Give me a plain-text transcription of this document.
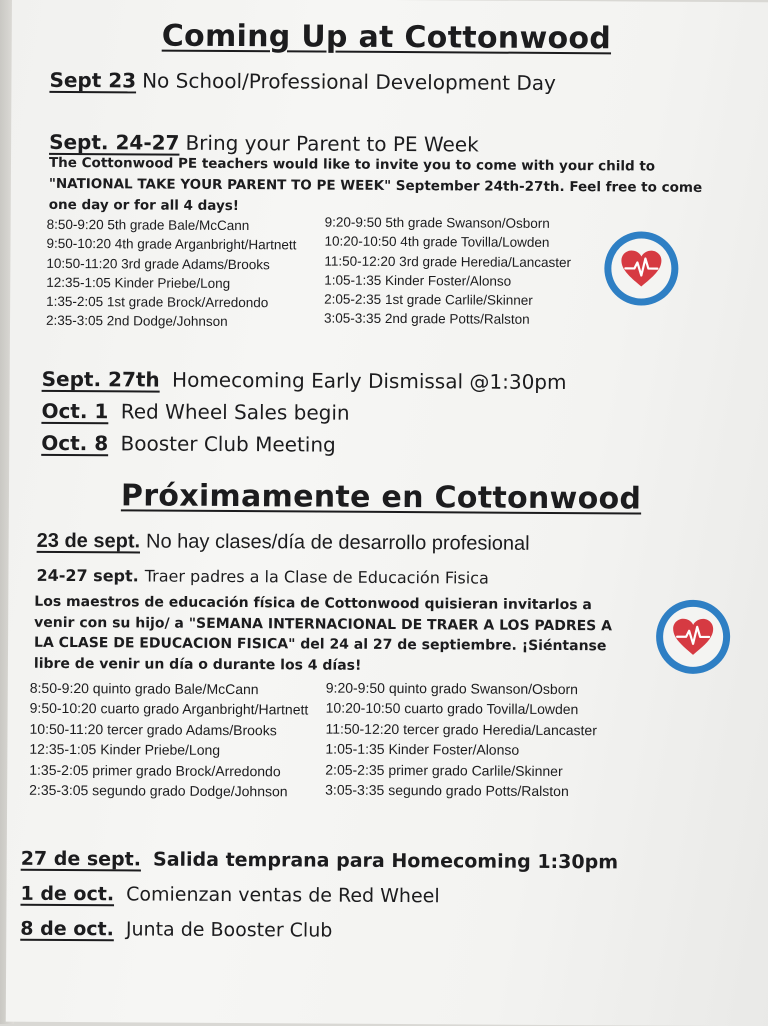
Coming Up at Cottonwood
Sept 23 No School/Professional Development Day
Sept. 24-27 Bring your Parent to PE Week
The Cottonwood PE teachers would like to invite you to come with your child to "NATIONAL TAKE YOUR PARENT TO PE WEEK" September 24th-27th. Feel free to come one day or for all 4 days!
8:50-9:20 5th grade Bale/McCann
9:50-10:20 4th grade Arganbright/Hartnett
10:50-11:20 3rd grade Adams/Brooks
12:35-1:05 Kinder Priebe/Long
1:35-2:05 1st grade Brock/Arredondo
2:35-3:05 2nd Dodge/Johnson
9:20-9:50 5th grade Swanson/Osborn
10:20-10:50 4th grade Tovilla/Lowden
11:50-12:20 3rd grade Heredia/Lancaster
1:05-1:35 Kinder Foster/Alonso
2:05-2:35 1st grade Carlile/Skinner
3:05-3:35 2nd grade Potts/Ralston
Sept. 27th Homecoming Early Dismissal @1:30pm
Oct. 1 Red Wheel Sales begin
Oct. 8 Booster Club Meeting
Próximamente en Cottonwood
23 de sept. No hay clases/día de desarrollo profesional
24-27 sept. Traer padres a la Clase de Educación Fisica
Los maestros de educación física de Cottonwood quisieran invitarlos a venir con su hijo/ a "SEMANA INTERNACIONAL DE TRAER A LOS PADRES A LA CLASE DE EDUCACION FISICA" del 24 al 27 de septiembre. ¡Siéntanse libre de venir un día o durante los 4 días!
8:50-9:20 quinto grado Bale/McCann
9:50-10:20 cuarto grado Arganbright/Hartnett
10:50-11:20 tercer grado Adams/Brooks
12:35-1:05 Kinder Priebe/Long
1:35-2:05 primer grado Brock/Arredondo
2:35-3:05 segundo grado Dodge/Johnson
9:20-9:50 quinto grado Swanson/Osborn
10:20-10:50 cuarto grado Tovilla/Lowden
11:50-12:20 tercer grado Heredia/Lancaster
1:05-1:35 Kinder Foster/Alonso
2:05-2:35 primer grado Carlile/Skinner
3:05-3:35 segundo grado Potts/Ralston
27 de sept. Salida temprana para Homecoming 1:30pm
1 de oct. Comienzan ventas de Red Wheel
8 de oct. Junta de Booster Club
